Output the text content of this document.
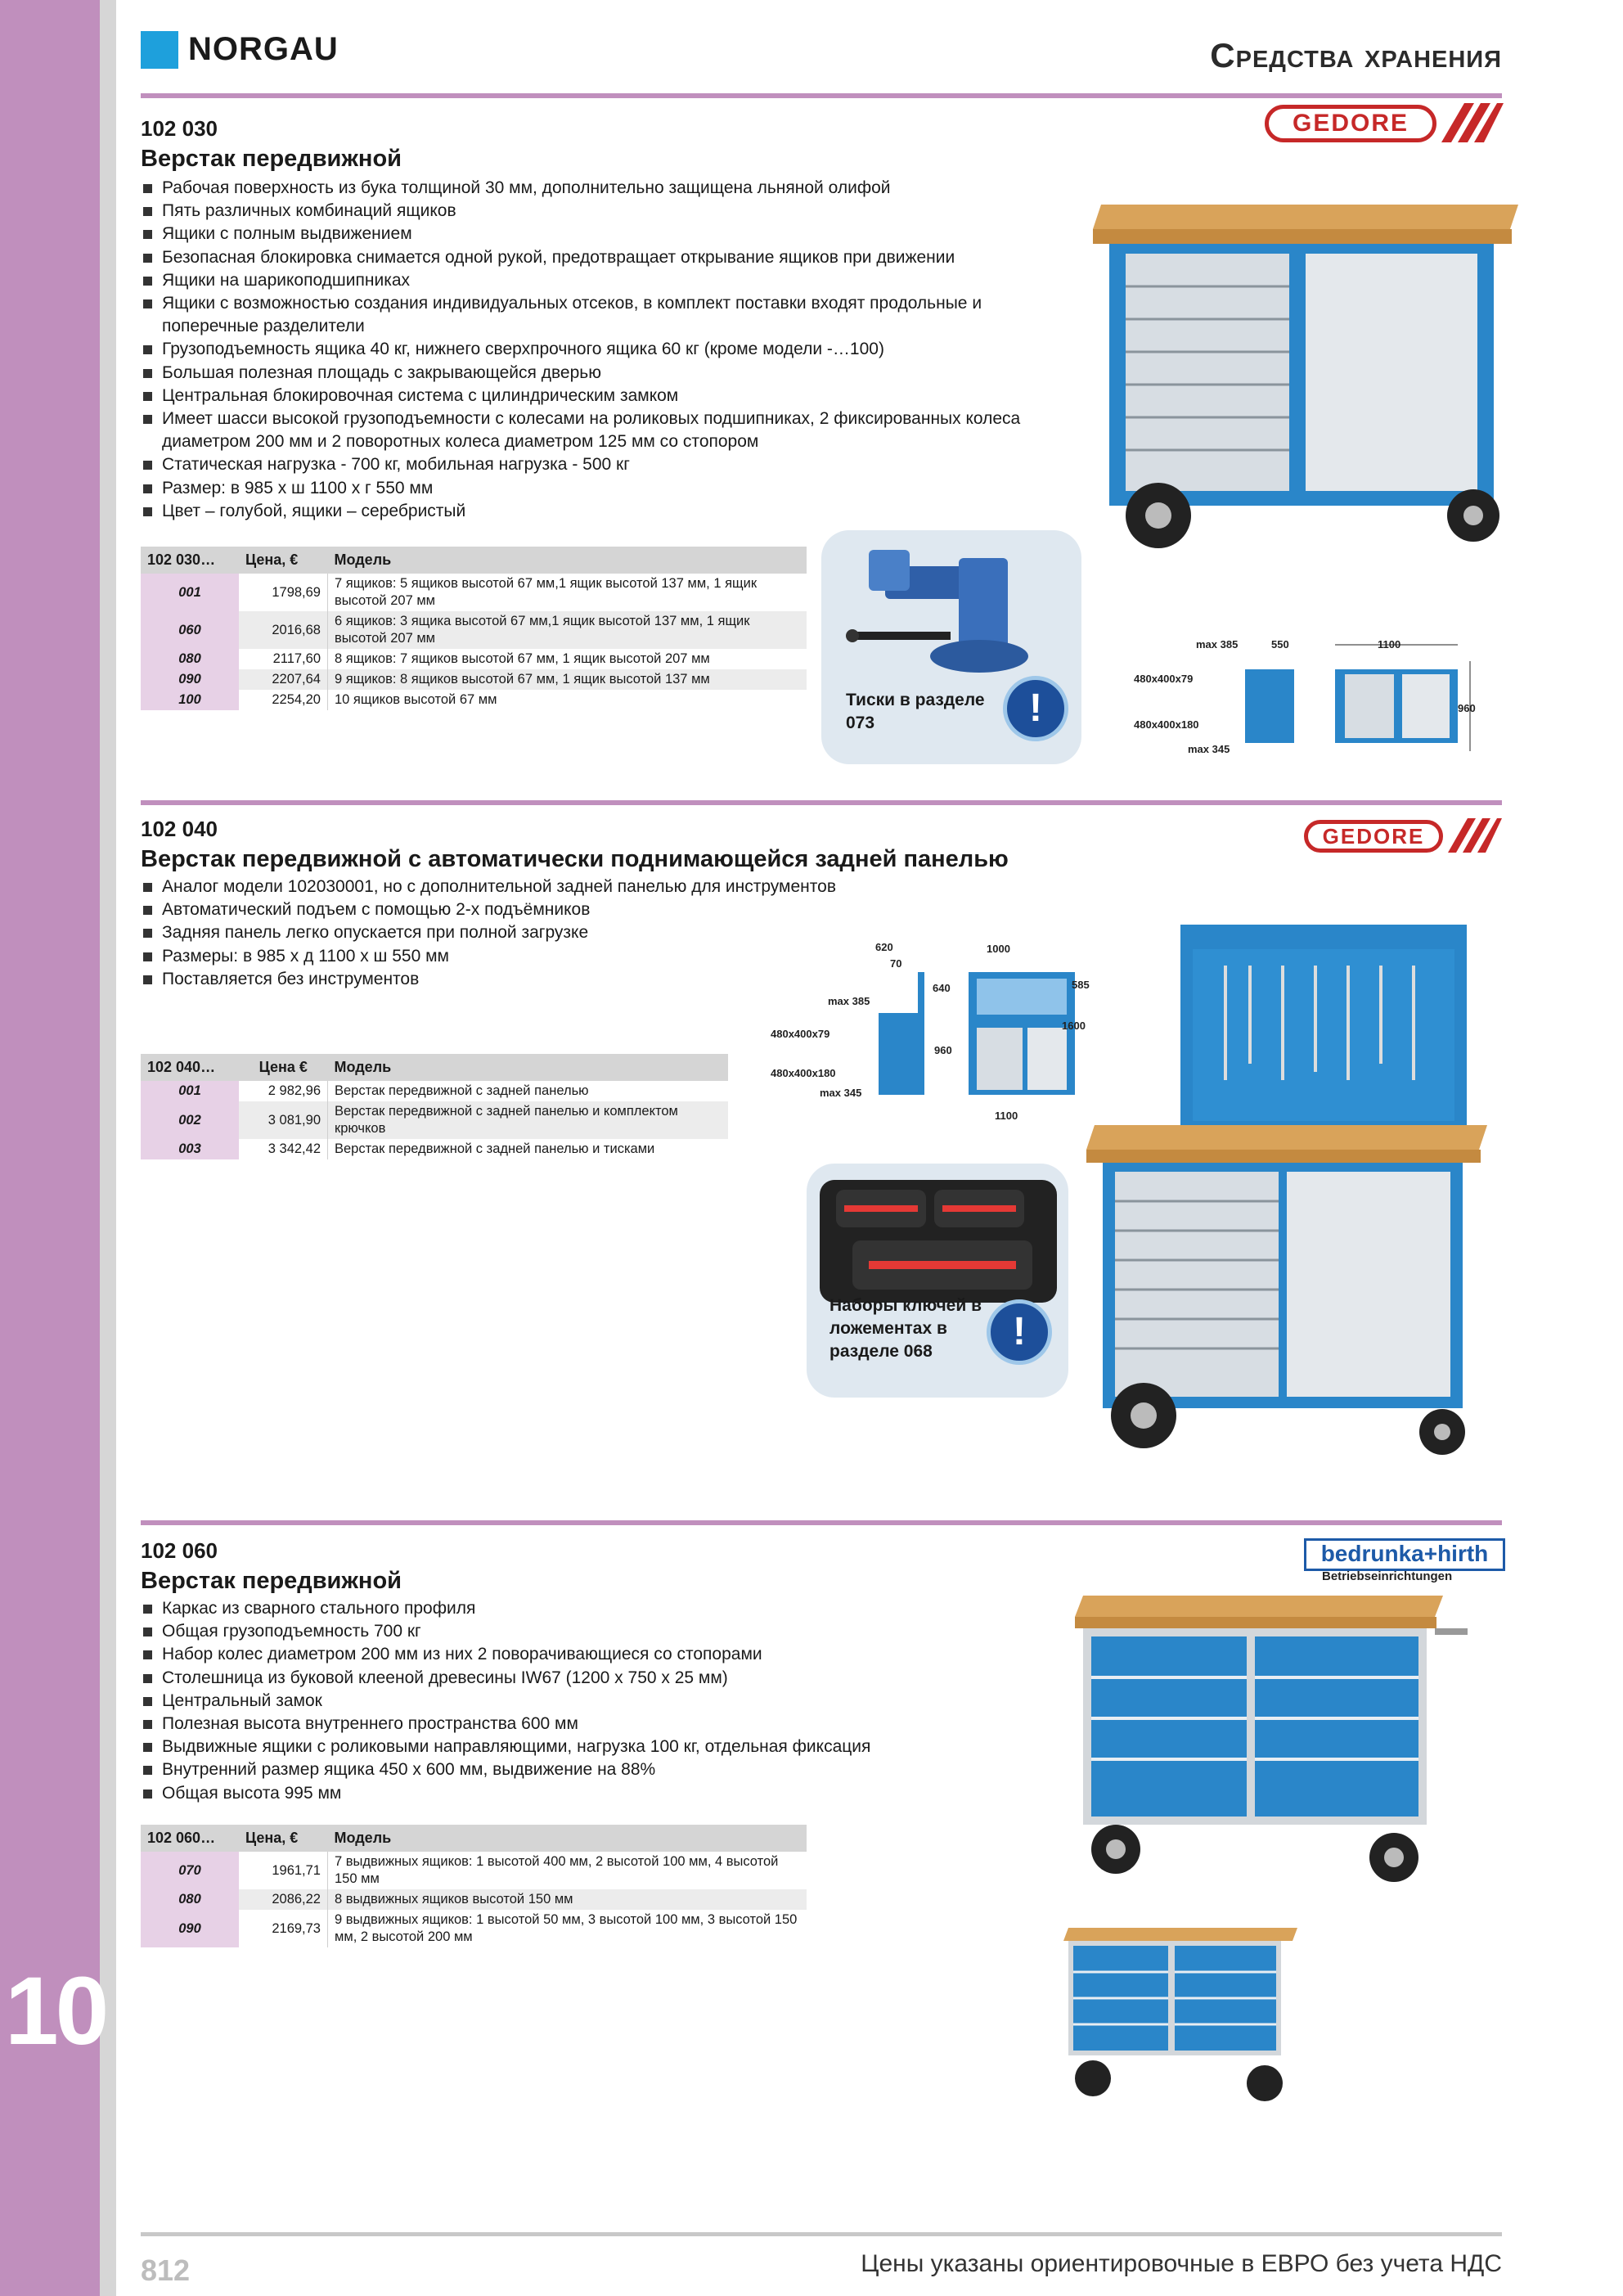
10
NORGAU	Средства хранения
102 030
Верстак передвижной
GEDORE
Рабочая поверхность из бука толщиной 30 мм, дополнительно защищена льняной олифой
Пять различных комбинаций ящиков
Ящики с полным выдвижением
Безопасная блокировка снимается одной рукой, предотвращает открывание ящиков при движении
Ящики на шарикоподшипниках
Ящики с возможностью создания индивидуальных отсеков, в комплект поставки входят продольные и поперечные разделители
Грузоподъемность ящика 40 кг, нижнего сверхпрочного ящика 60 кг (кроме модели -…100)
Большая полезная площадь с закрывающейся дверью
Центральная блокировочная система с цилиндрическим замком
Имеет шасси высокой грузоподъемности с колесами на роликовых подшипниках, 2 фиксированных колеса диаметром 200 мм и 2 поворотных колеса диаметром 125 мм со стопором
Статическая нагрузка - 700 кг, мобильная нагрузка - 500 кг
Размер: в 985 х ш 1100 х г 550 мм
Цвет – голубой, ящики – серебристый
102 030…	Цена, €	Модель
001	1798,69	7 ящиков: 5 ящиков высотой 67 мм,1 ящик высотой 137 мм, 1 ящик высотой 207 мм
060	2016,68	6 ящиков: 3 ящика высотой 67 мм,1 ящик высотой 137 мм, 1 ящик высотой 207 мм
080	2117,60	8 ящиков: 7 ящиков высотой 67 мм, 1 ящик высотой 207 мм
090	2207,64	9 ящиков: 8 ящиков высотой 67 мм, 1 ящик высотой 137 мм
100	2254,20	10 ящиков высотой 67 мм	Тиски в разделе 073	!
max 385	550	1100
480x400x79
480x400x180
max 345
960
102 040
Верстак передвижной с автоматически поднимающейся задней панелью
GEDORE
Аналог модели 102030001, но с дополнительной задней панелью для инструментов
Автоматический подъем с помощью 2-х подъёмников
Задняя панель легко опускается при полной загрузке
Размеры: в 985 х д 1100 х ш 550 мм
Поставляется без инструментов
102 040…	Цена €	Модель
001	2 982,96	Верстак передвижной с задней панелью
002	3 081,90	Верстак передвижной с задней панелью и комплектом крючков
003	3 342,42	Верстак передвижной с задней панелью и тисками
620
70
1000
585
640
max 385
1600
480x400x79
960
480x400x180
max 345
1100
Наборы ключей в ложементах в разделе 068	!
102 060
Верстак передвижной
bedrunka+hirth
Betriebseinrichtungen
Каркас из сварного стального профиля
Общая грузоподъемность 700 кг
Набор колес диаметром 200 мм из них 2 поворачивающиеся со стопорами
Столешница из буковой клееной древесины IW67 (1200 х 750 х 25 мм)
Центральный замок
Полезная высота внутреннего пространства 600 мм
Выдвижные ящики с роликовыми направляющими, нагрузка 100 кг, отдельная фиксация
Внутренний размер ящика 450 х 600 мм, выдвижение на 88%
Общая высота 995 мм
102 060…	Цена, €	Модель
070	1961,71	7 выдвижных ящиков: 1 высотой 400 мм, 2 высотой 100 мм, 4 высотой 150 мм
080	2086,22	8 выдвижных ящиков высотой 150 мм
090	2169,73	9 выдвижных ящиков: 1 высотой 50 мм, 3 высотой 100 мм, 3 высотой 150 мм, 2 высотой 200 мм
812	Цены указаны ориентировочные в ЕВРО без учета НДС
